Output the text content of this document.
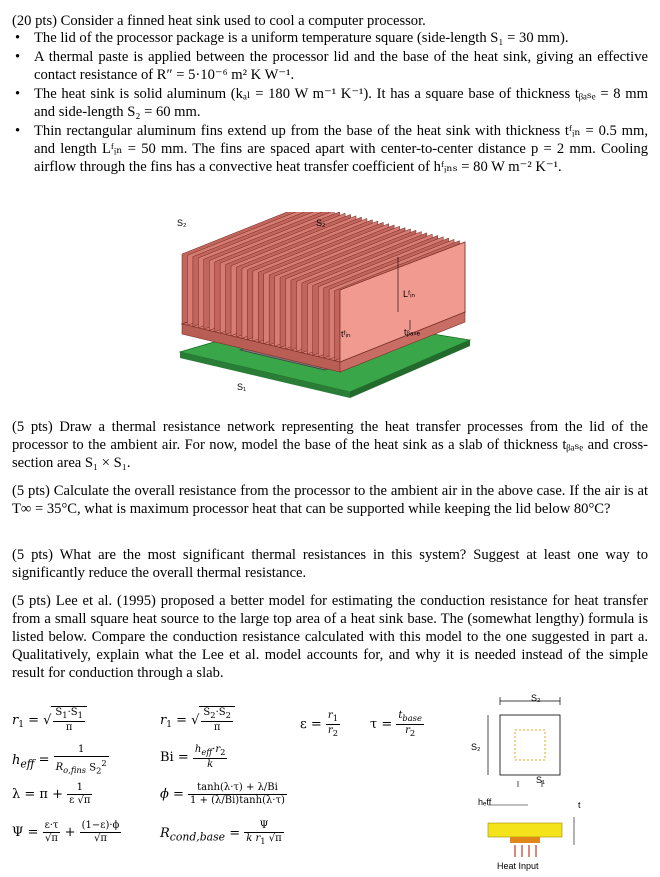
(20 pts) Consider a finned heat sink used to cool a computer processor.

• The lid of the processor package is a uniform temperature square (side-length S₁ = 30 mm).
• A thermal paste is applied between the processor lid and the base of the heat sink, giving an effective contact resistance of R″ = 5·10⁻⁶ m² K W⁻¹.
• The heat sink is solid aluminum (kₐₗ = 180 W m⁻¹ K⁻¹). It has a square base of thickness tᵦₐₛₑ = 8 mm and side-length S₂ = 60 mm.
• Thin rectangular aluminum fins extend up from the base of the heat sink with thickness tᶠᵢₙ = 0.5 mm, and length Lᶠᵢₙ = 50 mm. The fins are spaced apart with center-to-center distance p = 2 mm. Cooling airflow through the fins has a convective heat transfer coefficient of hᶠᵢₙₛ = 80 W m⁻² K⁻¹.
S₂	S₂
S₁
Lᶠᵢₙ
tᶠᵢₙ	tᵦₐₛₑ

(5 pts) Draw a thermal resistance network representing the heat transfer processes from the lid of the processor to the ambient air. For now, model the base of the heat sink as a slab of thickness tᵦₐₛₑ and cross-section area S₁ × S₁.

(5 pts) Calculate the overall resistance from the processor to the ambient air in the above case. If the air is at T∞ = 35°C, what is maximum processor heat that can be supported while keeping the lid below 80°C?

(5 pts) What are the most significant thermal resistances in this system? Suggest at least one way to significantly reduce the overall thermal resistance.

(5 pts) Lee et al. (1995) proposed a better model for estimating the conduction resistance for heat transfer from a small square heat source to the large top area of a heat sink base. The (somewhat lengthy) formula is listed below. Compare the conduction resistance calculated with this model to the one suggested in part a. Qualitatively, explain what the Lee et al. model accounts for, and why it is needed instead of the simple result for conduction through a slab.

$r_1$ = √ $\frac{S_1\cdot S_1}{\pi}$	$r_1$ = √ $\frac{S_2\cdot S_2}{\pi}$	$\varepsilon = \frac{r_1}{r_2}$ $\tau = \frac{t_{base}}{r_2}$
$h_{eff} = \frac{1}{R_{o,fins} S_2^2}$	$Bi = \frac{h_{eff}\cdot r_2}{k}$
$\lambda = \pi + \frac{1}{\varepsilon √\pi}$	$\phi = \frac{\tanh(\lambda\cdot\tau) + \lambda/Bi}{1 + (\lambda/Bi)\tanh(\lambda\cdot\tau)}$
$\Psi = \frac{\varepsilon\cdot\tau}{√\pi} + \frac{(1-\varepsilon)\cdot\phi}{√\pi}$	$R_{cond,base} = \frac{\Psi}{k r_1 √\pi}$
S₂
S₂
S₁
hₑff	t
Heat Input
